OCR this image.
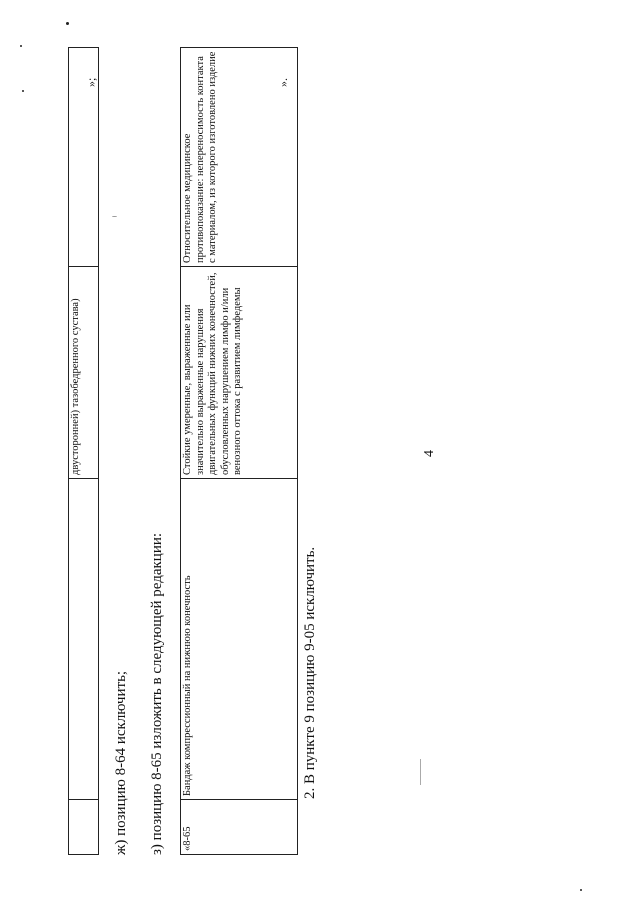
4
		двусторонней) тазобедренного сустава)	
»;
ж) позицию 8-64 исключить; з) позицию 8-65 изложить в следующей редакции: «8-65	Бандаж компрессионный на нижнюю конечность	Стойкие умеренные, выраженные или значительно выраженные нарушения двигательных функций нижних конечностей, обусловленных нарушением лимфо и/или венозного оттока с развитием лимфедемы	Относительное медицинское противопоказание: непереносимость контакта с материалом, из которого изготовлено изделие	».
2. В пункте 9 позицию 9-05 исключить.
